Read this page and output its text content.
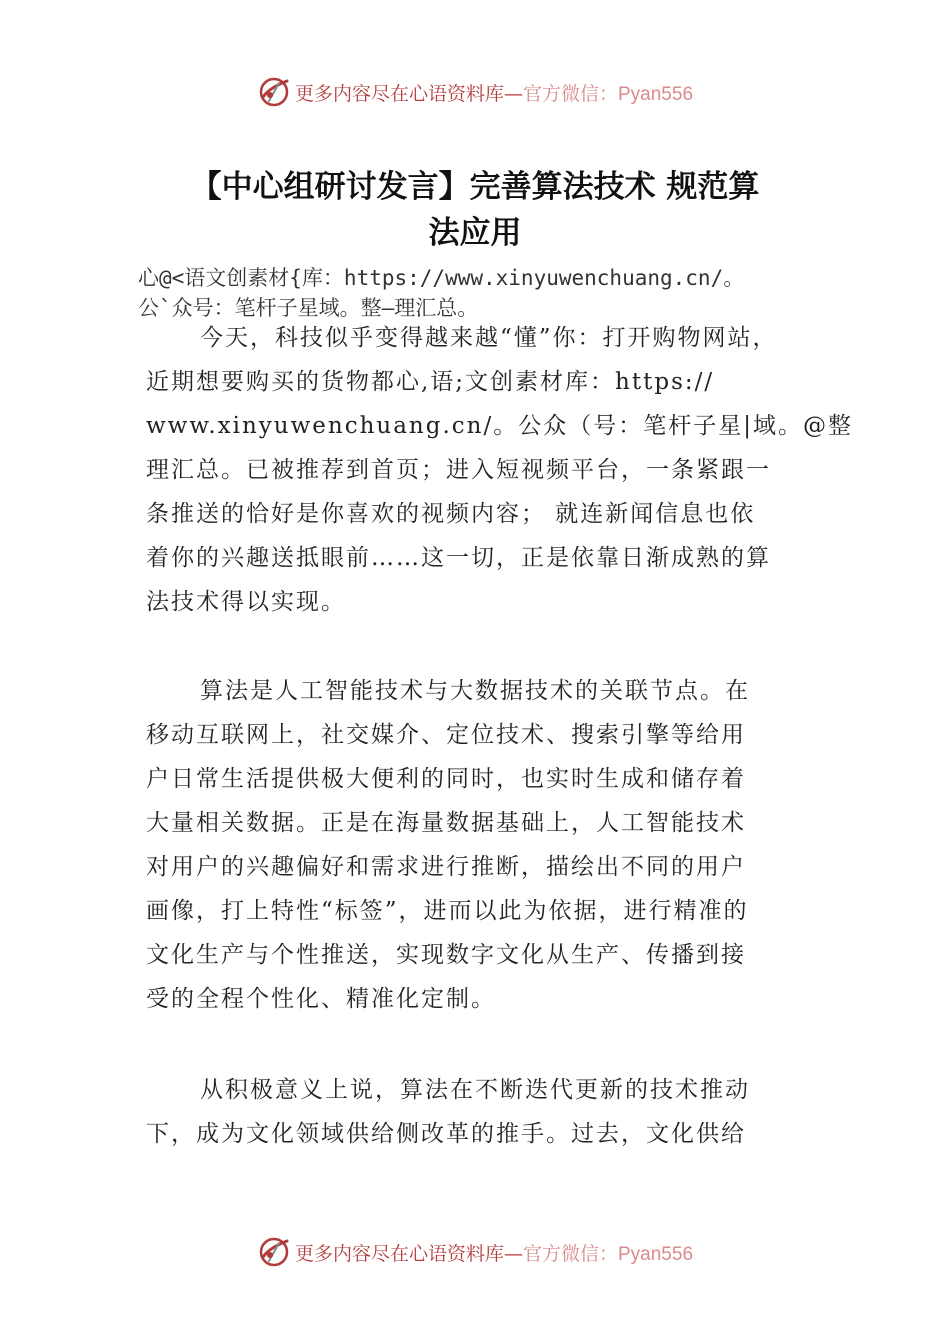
更多内容尽在心语资料库—官方微信：Pyan556
【中心组研讨发言】完善算法技术 规范算
法应用
心@<语文创素材{库：https://www.xinyuwenchuang.cn/。
公`众号：笔杆子星域。整—理汇总。
今天，科技似乎变得越来越“懂”你：打开购物网站，
近期想要购买的货物都心,语;文创素材库：https://
www.xinyuwenchuang.cn/。公众（号：笔杆子星|域。@整
理汇总。已被推荐到首页；进入短视频平台，一条紧跟一
条推送的恰好是你喜欢的视频内容； 就连新闻信息也依
着你的兴趣送抵眼前……这一切，正是依靠日渐成熟的算
法技术得以实现。
算法是人工智能技术与大数据技术的关联节点。在
移动互联网上，社交媒介、定位技术、搜索引擎等给用
户日常生活提供极大便利的同时，也实时生成和储存着
大量相关数据。正是在海量数据基础上，人工智能技术
对用户的兴趣偏好和需求进行推断，描绘出不同的用户
画像，打上特性“标签”，进而以此为依据，进行精准的
文化生产与个性推送，实现数字文化从生产、传播到接
受的全程个性化、精准化定制。
从积极意义上说，算法在不断迭代更新的技术推动
下，成为文化领域供给侧改革的推手。过去，文化供给
更多内容尽在心语资料库—官方微信：Pyan556
